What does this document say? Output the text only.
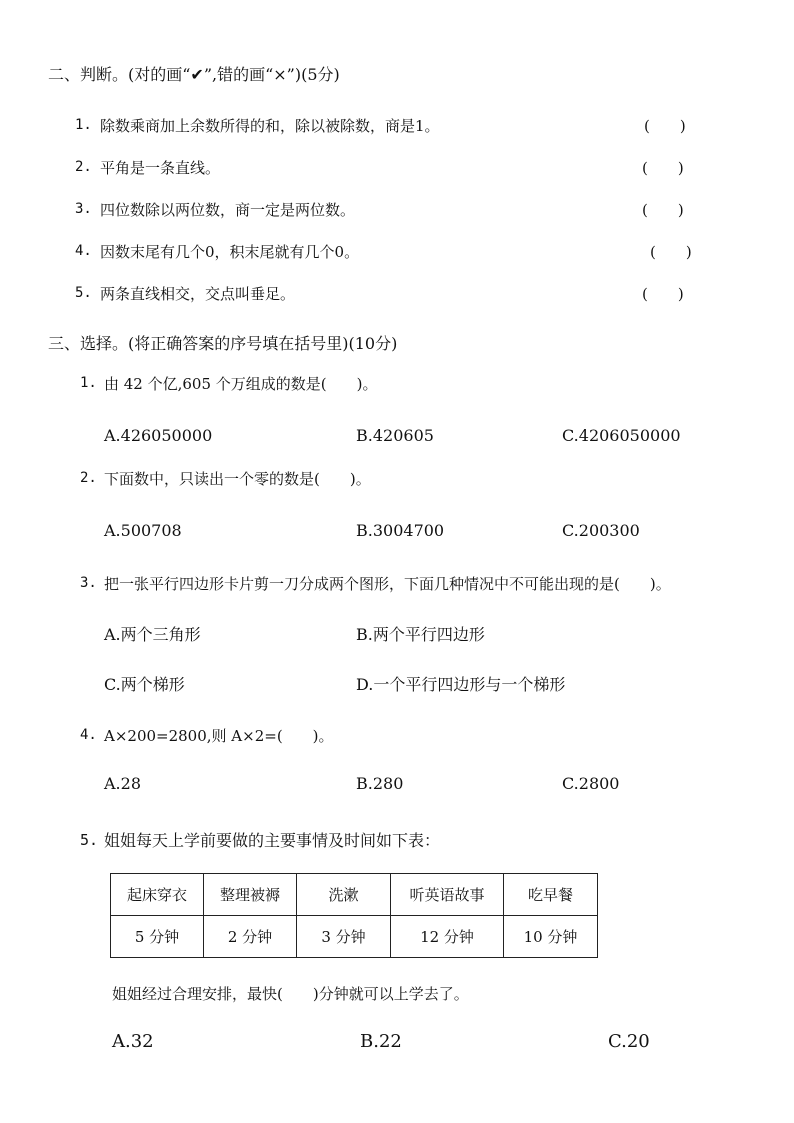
二、判断。(对的画“✔”,错的画“×”)(5分)
1. 除数乘商加上余数所得的和，除以被除数，商是1。	(　　)
2. 平角是一条直线。	(　　)
3. 四位数除以两位数，商一定是两位数。	(　　)
4. 因数末尾有几个0，积末尾就有几个0。	(　　)
5. 两条直线相交，交点叫垂足。	(　　)
三、选择。(将正确答案的序号填在括号里)(10分)
1. 由 42 个亿,605 个万组成的数是(　　)。
A.426050000	B.420605	C.4206050000
2. 下面数中，只读出一个零的数是(　　)。
A.500708	B.3004700	C.200300
3. 把一张平行四边形卡片剪一刀分成两个图形，下面几种情况中不可能出现的是(　　)。
A.两个三角形	B.两个平行四边形
C.两个梯形	D.一个平行四边形与一个梯形
4. A×200=2800,则 A×2=(　　)。
A.28	B.280	C.2800
5. 姐姐每天上学前要做的主要事情及时间如下表：
起床穿衣	整理被褥	洗漱	听英语故事	吃早餐
5 分钟	2 分钟	3 分钟	12 分钟	10 分钟
姐姐经过合理安排，最快(　　)分钟就可以上学去了。
A.32	B.22	C.20
